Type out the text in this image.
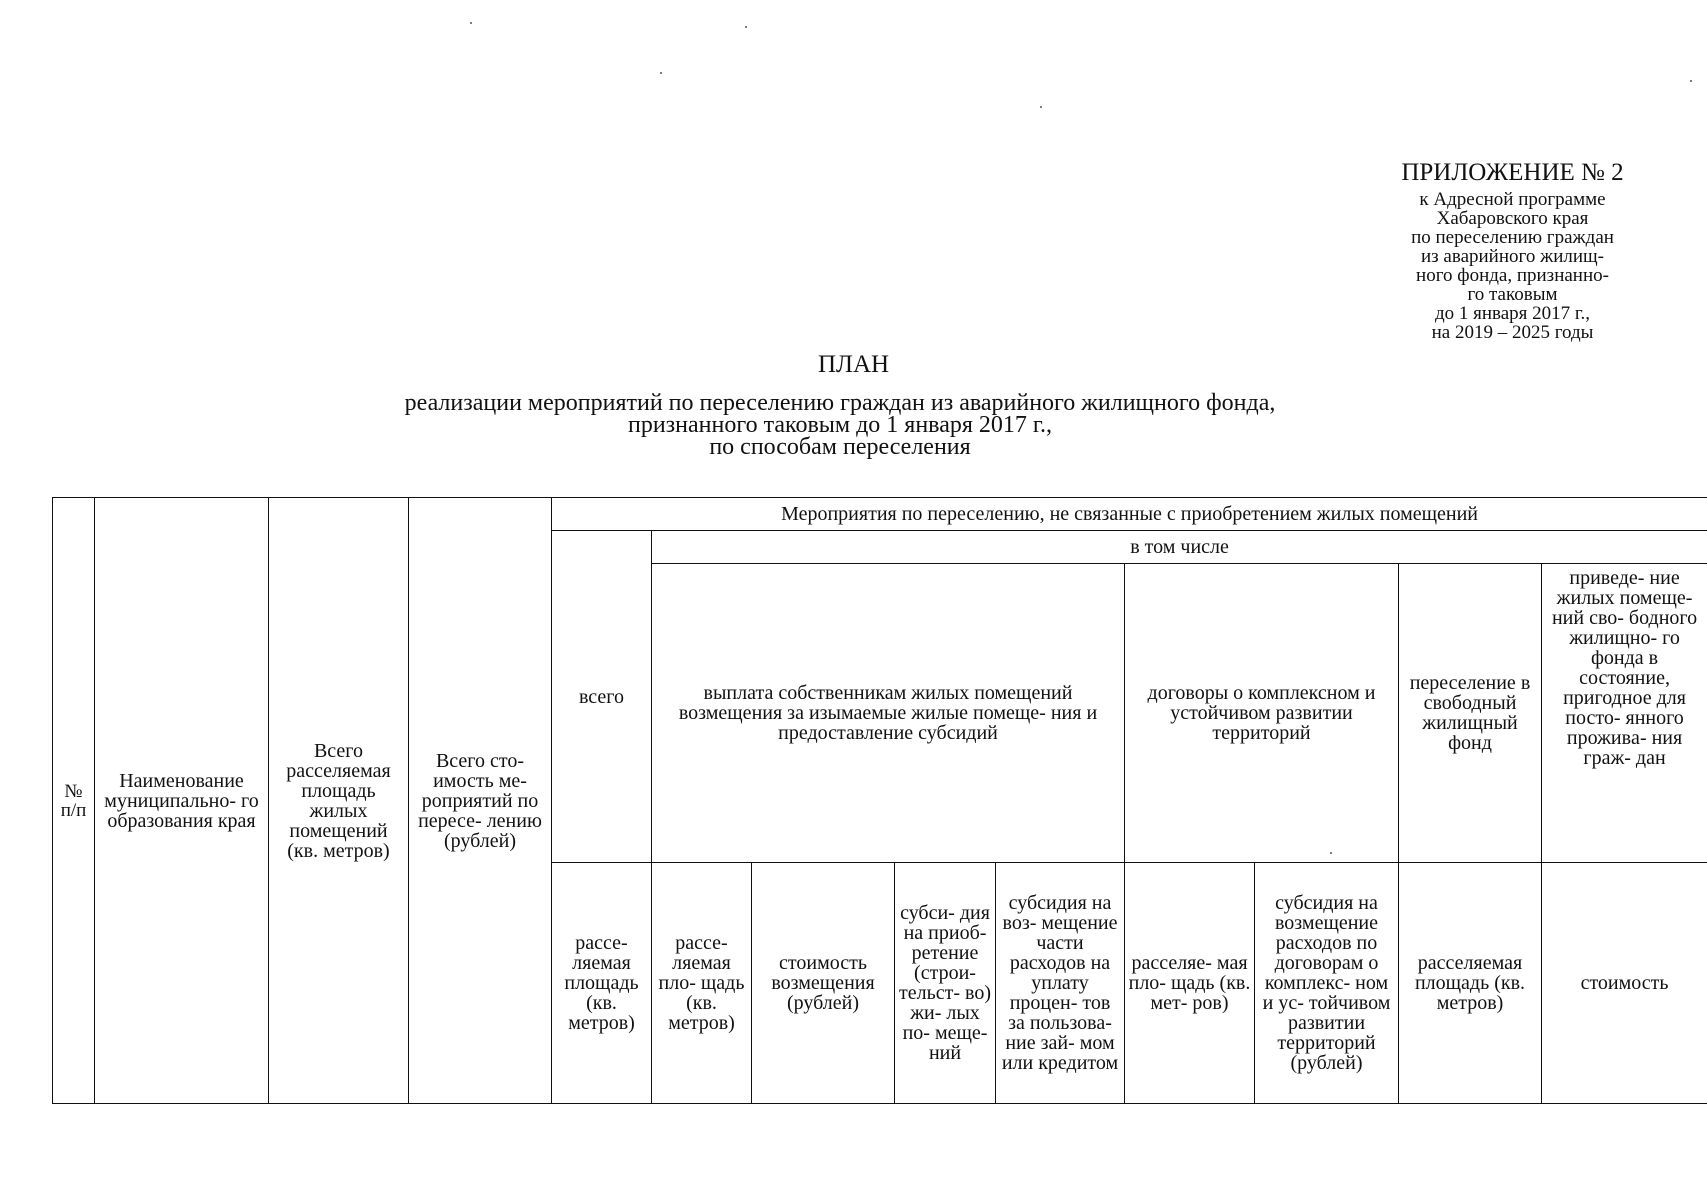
ПРИЛОЖЕНИЕ № 2
к Адресной программе
Хабаровского края
по переселению граждан
из аварийного жилищ-
ного фонда, признанно-
го таковым
до 1 января 2017 г.,
на 2019 – 2025 годы
ПЛАН
реализации мероприятий по переселению граждан из аварийного жилищного фонда,
признанного таковым до 1 января 2017 г.,
по способам переселения
№ п/п	Наименование муниципально- го образования края	Всего расселяемая площадь жилых помещений (кв. метров)	Всего сто- имость ме- роприятий по пересе- лению (рублей)	Мероприятия по переселению, не связанные с приобретением жилых помещений								
				всего	в том числе							
					выплата собственникам жилых помещений возмещения за изымаемые жилые помеще- ния и предоставление субсидий				договоры о комплексном и устойчивом развитии территорий		переселение в свободный жилищный фонд	приведе- ние жилых помеще- ний сво- бодного жилищно- го фонда в состояние, пригодное для посто- янного проживa- ния граж- дан
				рассе- ляемая площадь (кв. метров)	рассе- ляемая пло- щадь (кв. метров)	стоимость возмещения (рублей)	субси- дия на приоб- ретение (строи- тельст- во) жи- лых по- меще- ний	субсидия на воз- мещение части расходов на уплату процен- тов за пользова- ние зай- мом или кредитом	расселяе- мая пло- щадь (кв. мет- ров)	субсидия на возмещение расходов по договорам о комплекс- ном и ус- тойчивом развитии территорий (рублей)	расселяемая площадь (кв. метров)	стоимость
